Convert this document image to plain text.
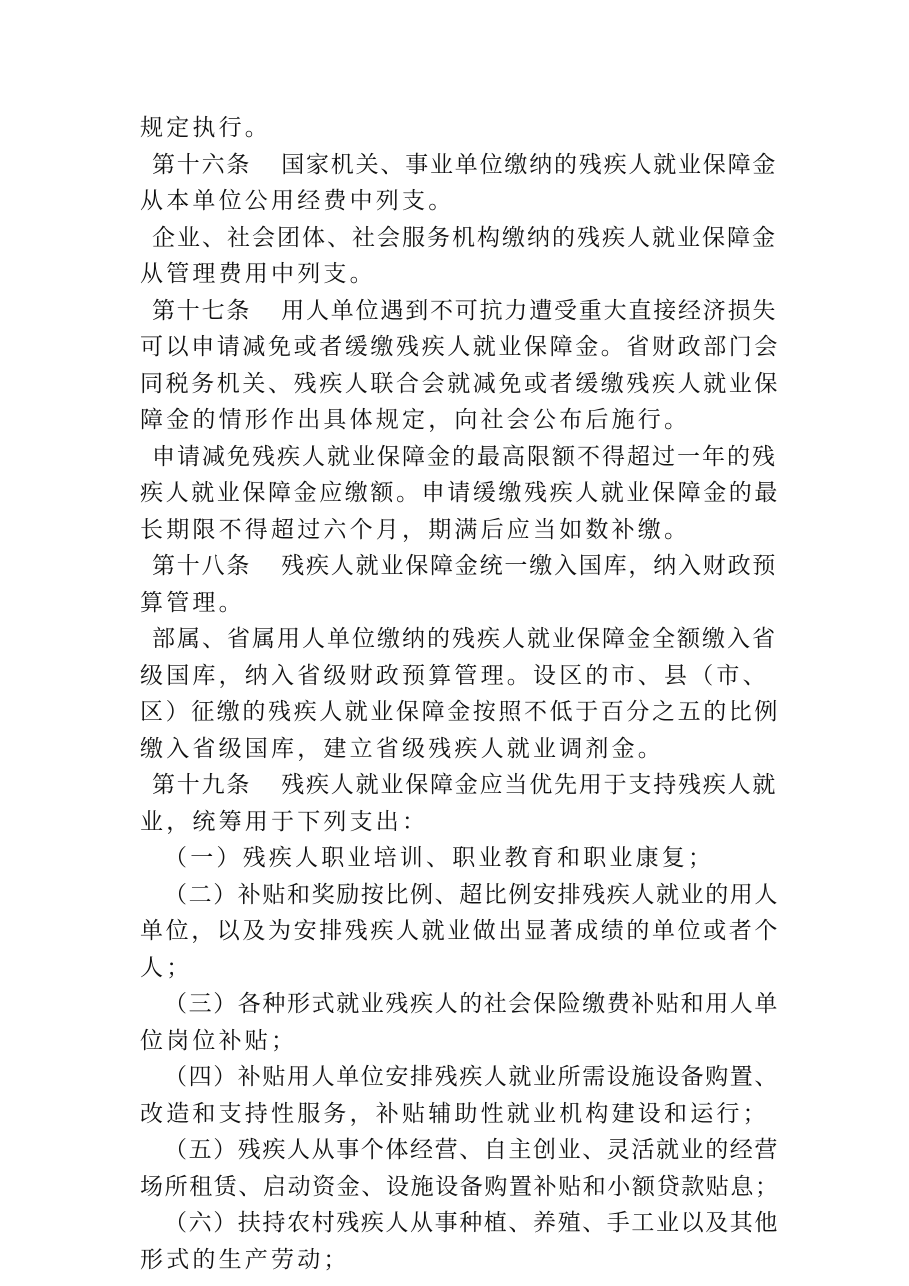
规定执行。
第十六条 国家机关、事业单位缴纳的残疾人就业保障金
从本单位公用经费中列支。
企业、社会团体、社会服务机构缴纳的残疾人就业保障金
从管理费用中列支。
第十七条 用人单位遇到不可抗力遭受重大直接经济损失
可以申请减免或者缓缴残疾人就业保障金。省财政部门会
同税务机关、残疾人联合会就减免或者缓缴残疾人就业保
障金的情形作出具体规定，向社会公布后施行。
申请减免残疾人就业保障金的最高限额不得超过一年的残
疾人就业保障金应缴额。申请缓缴残疾人就业保障金的最
长期限不得超过六个月，期满后应当如数补缴。
第十八条 残疾人就业保障金统一缴入国库，纳入财政预
算管理。
部属、省属用人单位缴纳的残疾人就业保障金全额缴入省
级国库，纳入省级财政预算管理。设区的市、县（市、
区）征缴的残疾人就业保障金按照不低于百分之五的比例
缴入省级国库，建立省级残疾人就业调剂金。
第十九条 残疾人就业保障金应当优先用于支持残疾人就
业，统筹用于下列支出：
（一）残疾人职业培训、职业教育和职业康复；
（二）补贴和奖励按比例、超比例安排残疾人就业的用人
单位，以及为安排残疾人就业做出显著成绩的单位或者个
人；
（三）各种形式就业残疾人的社会保险缴费补贴和用人单
位岗位补贴；
（四）补贴用人单位安排残疾人就业所需设施设备购置、
改造和支持性服务，补贴辅助性就业机构建设和运行；
（五）残疾人从事个体经营、自主创业、灵活就业的经营
场所租赁、启动资金、设施设备购置补贴和小额贷款贴息；
（六）扶持农村残疾人从事种植、养殖、手工业以及其他
形式的生产劳动；
